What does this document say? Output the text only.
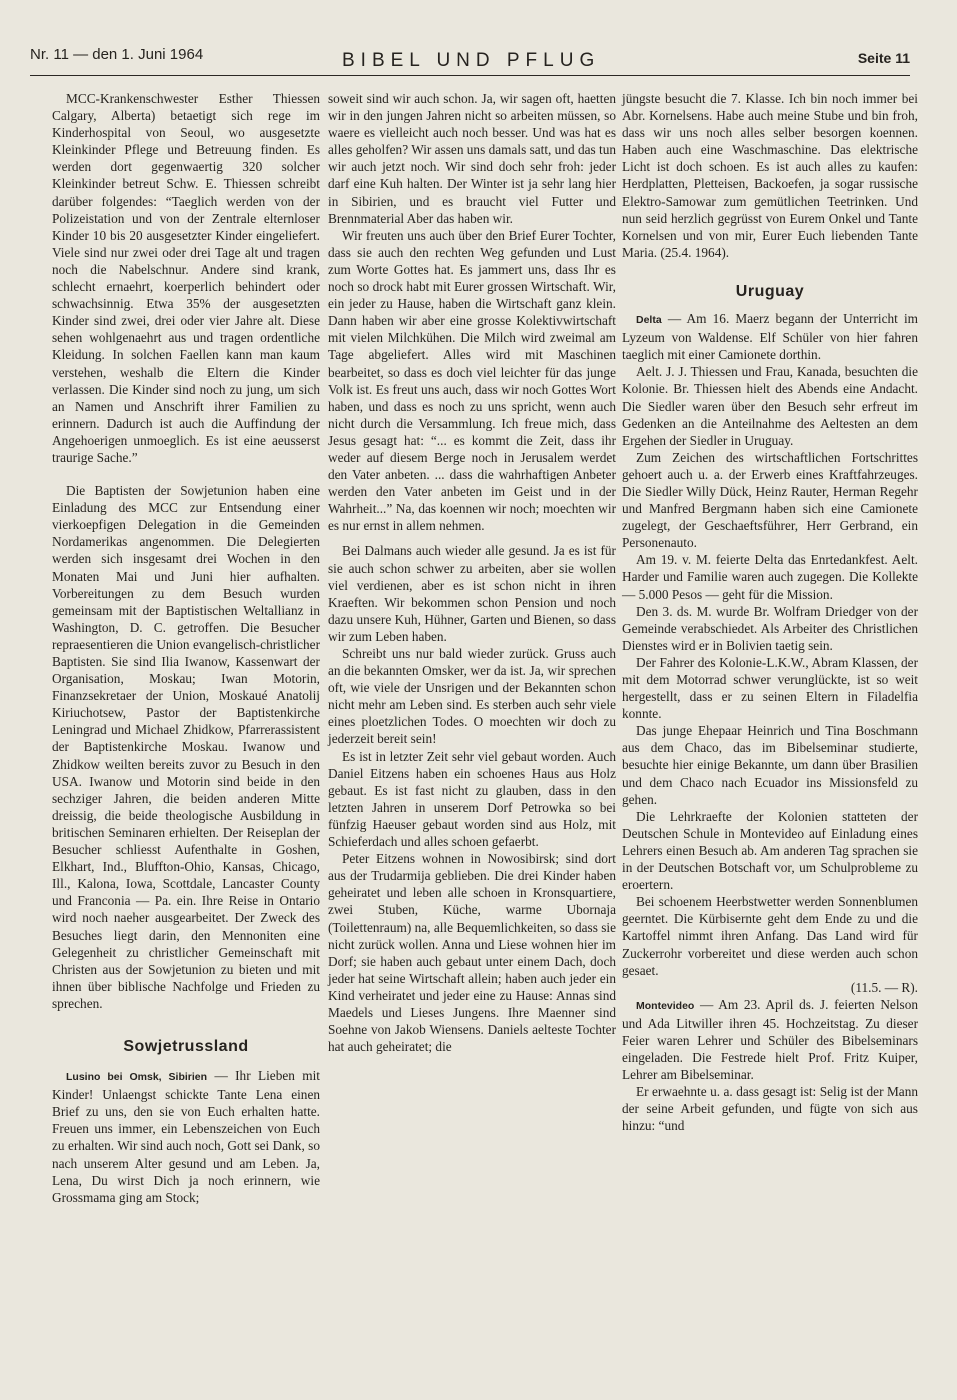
Nr. 11 — den 1. Juni 1964	BIBEL UND PFLUG	Seite 11

MCC-Krankenschwester Esther Thiessen Calgary, Alberta) betaetigt sich rege im Kinderhospital von Seoul, wo ausgesetzte Kleinkinder Pflege und Betreuung finden. Es werden dort gegenwaertig 320 solcher Kleinkinder betreut Schw. E. Thiessen schreibt darüber folgendes: “Taeglich werden von der Polizeistation und von der Zentrale elternloser Kinder 10 bis 20 ausgesetzter Kinder eingeliefert. Viele sind nur zwei oder drei Tage alt und tragen noch die Nabelschnur. Andere sind krank, schlecht ernaehrt, koerperlich behindert oder schwachsinnig. Etwa 35% der ausgesetzten Kinder sind zwei, drei oder vier Jahre alt. Diese sehen wohlgenaehrt aus und tragen ordentliche Kleidung. In solchen Faellen kann man kaum verstehen, weshalb die Eltern die Kinder verlassen. Die Kinder sind noch zu jung, um sich an Namen und Anschrift ihrer Familien zu erinnern. Dadurch ist auch die Auffindung der Angehoerigen unmoeglich. Es ist eine aeusserst traurige Sache.”

Die Baptisten der Sowjetunion haben eine Einladung des MCC zur Entsendung einer vierkoepfigen Delegation in die Gemeinden Nordamerikas angenommen. Die Delegierten werden sich insgesamt drei Wochen in den Monaten Mai und Juni hier aufhalten. Vorbereitungen zu dem Besuch wurden gemeinsam mit der Baptistischen Weltallianz in Washington, D. C. getroffen. Die Besucher repraesentieren die Union evangelisch-christlicher Baptisten. Sie sind Ilia Iwanow, Kassenwart der Organisation, Moskau; Iwan Motorin, Finanzsekretaer der Union, Moskaué Anatolij Kiriuchotsew, Pastor der Baptistenkirche Leningrad und Michael Zhidkow, Pfarrerassistent der Baptistenkirche Moskau. Iwanow und Zhidkow weilten bereits zuvor zu Besuch in den USA. Iwanow und Motorin sind beide in den sechziger Jahren, die beiden anderen Mitte dreissig, die beide theologische Ausbildung in britischen Seminaren erhielten. Der Reiseplan der Besucher schliesst Aufenthalte in Goshen, Elkhart, Ind., Bluffton-Ohio, Kansas, Chicago, Ill., Kalona, Iowa, Scottdale, Lancaster County und Franconia — Pa. ein. Ihre Reise in Ontario wird noch naeher ausgearbeitet. Der Zweck des Besuches liegt darin, den Mennoniten eine Gelegenheit zu christlicher Gemeinschaft mit Christen aus der Sowjetunion zu bieten und mit ihnen über biblische Nachfolge und Frieden zu sprechen.

Sowjetrussland

Lusino bei Omsk, Sibirien — Ihr Lieben mit Kinder! Unlaengst schickte Tante Lena einen Brief zu uns, den sie von Euch erhalten hatte. Freuen uns immer, ein Lebenszeichen von Euch zu erhalten. Wir sind auch noch, Gott sei Dank, so nach unserem Alter gesund und am Leben. Ja, Lena, Du wirst Dich ja noch erinnern, wie Grossmama ging am Stock;

soweit sind wir auch schon. Ja, wir sagen oft, haetten wir in den jungen Jahren nicht so arbeiten müssen, so waere es vielleicht auch noch besser. Und was hat es alles geholfen? Wir assen uns damals satt, und das tun wir auch jetzt noch. Wir sind doch sehr froh: jeder darf eine Kuh halten. Der Winter ist ja sehr lang hier in Sibirien, und es braucht viel Futter und Brennmaterial Aber das haben wir.

Wir freuten uns auch über den Brief Eurer Tochter, dass sie auch den rechten Weg gefunden und Lust zum Worte Gottes hat. Es jammert uns, dass Ihr es noch so drock habt mit Eurer grossen Wirtschaft. Wir, ein jeder zu Hause, haben die Wirtschaft ganz klein. Dann haben wir aber eine grosse Kolektivwirtschaft mit vielen Milchkühen. Die Milch wird zweimal am Tage abgeliefert. Alles wird mit Maschinen bearbeitet, so dass es doch viel leichter für das junge Volk ist. Es freut uns auch, dass wir noch Gottes Wort haben, und dass es noch zu uns spricht, wenn auch nicht durch die Versammlung. Ich freue mich, dass Jesus gesagt hat: “... es kommt die Zeit, dass ihr weder auf diesem Berge noch in Jerusalem werdet den Vater anbeten. ... dass die wahrhaftigen Anbeter werden den Vater anbeten im Geist und in der Wahrheit...” Na, das koennen wir noch; moechten wir es nur ernst in allem nehmen.

Bei Dalmans auch wieder alle gesund. Ja es ist für sie auch schon schwer zu arbeiten, aber sie wollen viel verdienen, aber es ist schon nicht in ihren Kraeften. Wir bekommen schon Pension und noch dazu unsere Kuh, Hühner, Garten und Bienen, so dass wir zum Leben haben.

Schreibt uns nur bald wieder zurück. Gruss auch an die bekannten Omsker, wer da ist. Ja, wir sprechen oft, wie viele der Unsrigen und der Bekannten schon nicht mehr am Leben sind. Es sterben auch sehr viele eines ploetzlichen Todes. O moechten wir doch zu jederzeit bereit sein!

Es ist in letzter Zeit sehr viel gebaut worden. Auch Daniel Eitzens haben ein schoenes Haus aus Holz gebaut. Es ist fast nicht zu glauben, dass in den letzten Jahren in unserem Dorf Petrowka so bei fünfzig Haeuser gebaut worden sind aus Holz, mit Schieferdach und alles schoen gefaerbt.

Peter Eitzens wohnen in Nowosibirsk; sind dort aus der Trudarmija geblieben. Die drei Kinder haben geheiratet und leben alle schoen in Kronsquartiere, zwei Stuben, Küche, warme Ubornaja (Toilettenraum) na, alle Bequemlichkeiten, so dass sie nicht zurück wollen. Anna und Liese wohnen hier im Dorf; sie haben auch gebaut unter einem Dach, doch jeder hat seine Wirtschaft allein; haben auch jeder ein Kind verheiratet und jeder eine zu Hause: Annas sind Maedels und Lieses Jungens. Ihre Maenner sind Soehne von Jakob Wiensens. Daniels aelteste Tochter hat auch geheiratet; die

jüngste besucht die 7. Klasse. Ich bin noch immer bei Abr. Kornelsens. Habe auch meine Stube und bin froh, dass wir uns noch alles selber besorgen koennen. Haben auch eine Waschmaschine. Das elektrische Licht ist doch schoen. Es ist auch alles zu kaufen: Herdplatten, Pletteisen, Backoefen, ja sogar russische Elektro-Samowar zum gemütlichen Teetrinken. Und nun seid herzlich gegrüsst von Eurem Onkel und Tante Kornelsen und von mir, Eurer Euch liebenden Tante Maria. (25.4. 1964).

Uruguay

Delta — Am 16. Maerz begann der Unterricht im Lyzeum von Waldense. Elf Schüler von hier fahren taeglich mit einer Camionete dorthin.

Aelt. J. J. Thiessen und Frau, Kanada, besuchten die Kolonie. Br. Thiessen hielt des Abends eine Andacht. Die Siedler waren über den Besuch sehr erfreut im Gedenken an die Anteilnahme des Aeltesten an dem Ergehen der Siedler in Uruguay.

Zum Zeichen des wirtschaftlichen Fortschrittes gehoert auch u. a. der Erwerb eines Kraftfahrzeuges. Die Siedler Willy Dück, Heinz Rauter, Herman Regehr und Manfred Bergmann haben sich eine Camionete zugelegt, der Geschaeftsführer, Herr Gerbrand, ein Personenauto.

Am 19. v. M. feierte Delta das Enrtedankfest. Aelt. Harder und Familie waren auch zugegen. Die Kollekte — 5.000 Pesos — geht für die Mission.

Den 3. ds. M. wurde Br. Wolfram Driedger von der Gemeinde verabschiedet. Als Arbeiter des Christlichen Dienstes wird er in Bolivien taetig sein.

Der Fahrer des Kolonie-L.K.W., Abram Klassen, der mit dem Motorrad schwer verunglückte, ist so weit hergestellt, dass er zu seinen Eltern in Filadelfia konnte.

Das junge Ehepaar Heinrich und Tina Boschmann aus dem Chaco, das im Bibelseminar studierte, besuchte hier einige Bekannte, um dann über Brasilien und dem Chaco nach Ecuador ins Missionsfeld zu gehen.

Die Lehrkraefte der Kolonien statteten der Deutschen Schule in Montevideo auf Einladung eines Lehrers einen Besuch ab. Am anderen Tag sprachen sie in der Deutschen Botschaft vor, um Schulprobleme zu eroertern.

Bei schoenem Heerbstwetter werden Sonnenblumen geerntet. Die Kürbisernte geht dem Ende zu und die Kartoffel nimmt ihren Anfang. Das Land wird für Zuckerrohr vorbereitet und diese werden auch schon gesaet.

(11.5. — R).

Montevideo — Am 23. April ds. J. feierten Nelson und Ada Litwiller ihren 45. Hochzeitstag. Zu dieser Feier waren Lehrer und Schüler des Bibelseminars eingeladen. Die Festrede hielt Prof. Fritz Kuiper, Lehrer am Bibelseminar.

Er erwaehnte u. a. dass gesagt ist: Selig ist der Mann der seine Arbeit gefunden, und fügte von sich aus hinzu: “und
